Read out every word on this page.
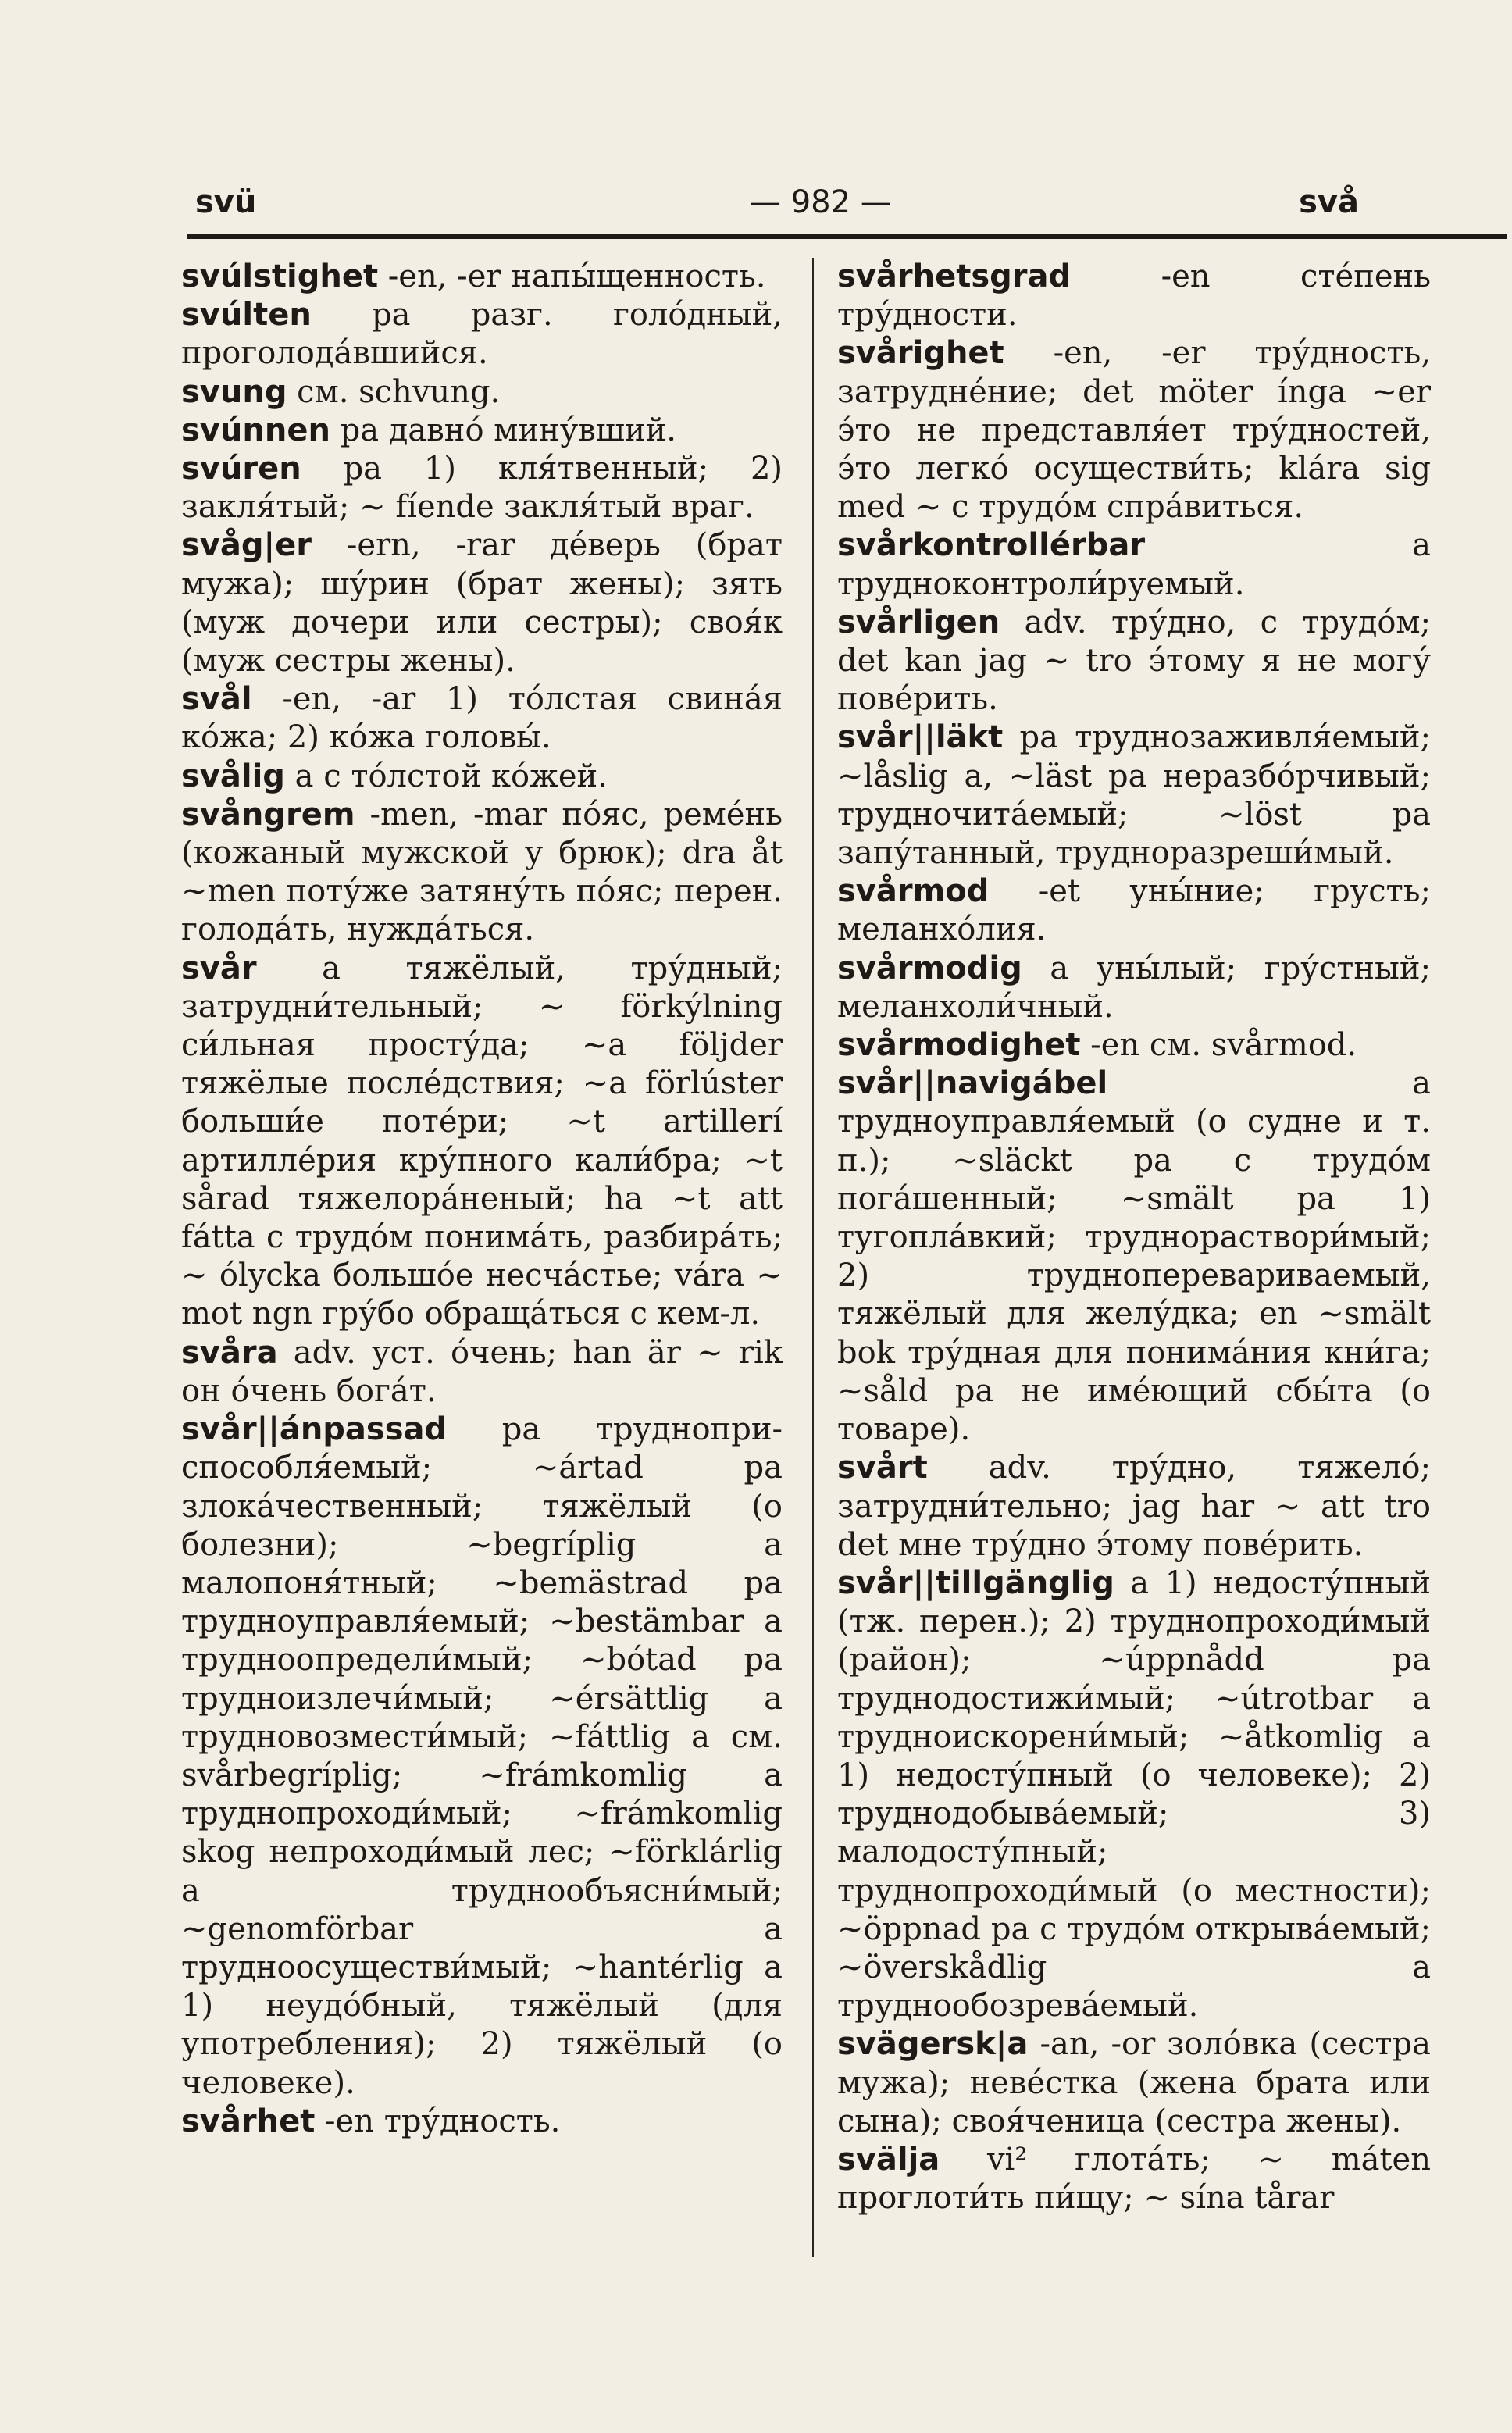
svü	— 982 —	svå

svúlstighet -en, -er напы́щенность.

svúlten pa разг. голо́дный, проголода́вшийся.

svung см. schvung.

svúnnen pa давно́ мину́вший.

svúren pa 1) кля́твенный; 2) закля́тый; ~ fíende закля́тый враг.

svåg|er -ern, -rar де́верь (брат мужа); шу́рин (брат жены); зять (муж дочери или сестры); своя́к (муж сестры жены).

svål -en, -ar 1) то́лстая свина́я ко́жа; 2) ко́жа головы́.

svålig a с то́лстой ко́жей.

svångrem -men, -mar по́яс, реме́нь (кожаный мужской у брюк); dra åt ~men поту́же затяну́ть по́яс; перен. голода́ть, нужда́ться.

svår a тяжёлый, тру́дный; затрудни́тельный; ~ förkýlning си́льная просту́да; ~a följder тяжёлые после́дствия; ~a förlúster больши́е поте́ри; ~t artillerí артилле́рия кру́пного кали́бра; ~t sårad тяжелора́неный; ha ~t att fátta с трудо́м понима́ть, разбира́ть; ~ ólycka большо́е несча́стье; vára ~ mot ngn гру́бо обраща́ться с кем-л.

svåra adv. уст. о́чень; han är ~ rik он о́чень бога́т.

svår||ánpassad pa трудноприспособля́емый; ~ártad pa злока́чественный; тяжёлый (о болезни); ~begríplig a малопоня́тный; ~bemästrad pa трудноуправля́емый; ~bestämbar a трудноопредели́мый; ~bótad pa трудноизлечи́мый; ~érsättlig a трудновозмести́мый; ~fáttlig a см. svårbegríplig; ~frámkomlig a труднопроходи́мый; ~frámkomlig skog непроходи́мый лес; ~förklárlig a труднообъясни́мый; ~genomförbar a трудноосуществи́мый; ~hantérlig a 1) неудо́бный, тяжёлый (для употребления); 2) тяжёлый (о человеке).

svårhet -en тру́дность.

svårhetsgrad -en сте́пень тру́дности.

svårighet -en, -er тру́дность, затрудне́ние; det möter ínga ~er э́то не представля́ет тру́дностей, э́то легко́ осуществи́ть; klára sig med ~ с трудо́м спра́виться.

svårkontrollérbar a трудноконтроли́руемый.

svårligen adv. тру́дно, с трудо́м; det kan jag ~ tro э́тому я не могу́ пове́рить.

svår||läkt pa труднозаживля́емый; ~låslig a, ~läst pa неразбо́рчивый; трудночита́емый; ~löst pa запу́танный, трудноразреши́мый.

svårmod -et уны́ние; грусть; меланхо́лия.

svårmodig a уны́лый; гру́стный; меланхоли́чный.

svårmodighet -en см. svårmod.

svår||navigábel a трудноуправля́емый (о судне и т. п.); ~släckt pa с трудо́м пога́шенный; ~smält pa 1) тугопла́вкий; труднораствори́мый; 2) трудноперевариваемый, тяжёлый для желу́дка; en ~smält bok тру́дная для понима́ния кни́га; ~såld pa не име́ющий сбы́та (о товаре).

svårt adv. тру́дно, тяжело́; затрудни́тельно; jag har ~ att tro det мне тру́дно э́тому пове́рить.

svår||tillgänglig a 1) недосту́пный (тж. перен.); 2) труднопроходи́мый (район); ~úppnådd pa труднодостижи́мый; ~útrotbar a трудноискорени́мый; ~åtkomlig a 1) недосту́пный (о человеке); 2) труднодобыва́емый; 3) малодосту́пный; труднопроходи́мый (о местности); ~öppnad pa с трудо́м открыва́емый; ~överskådlig a труднообозрева́емый.

svägersk|a -an, -or золо́вка (сестра мужа); неве́стка (жена брата или сына); своя́ченица (сестра жены).

svälja vi² глота́ть; ~ máten проглоти́ть пи́щу; ~ sína tårar
